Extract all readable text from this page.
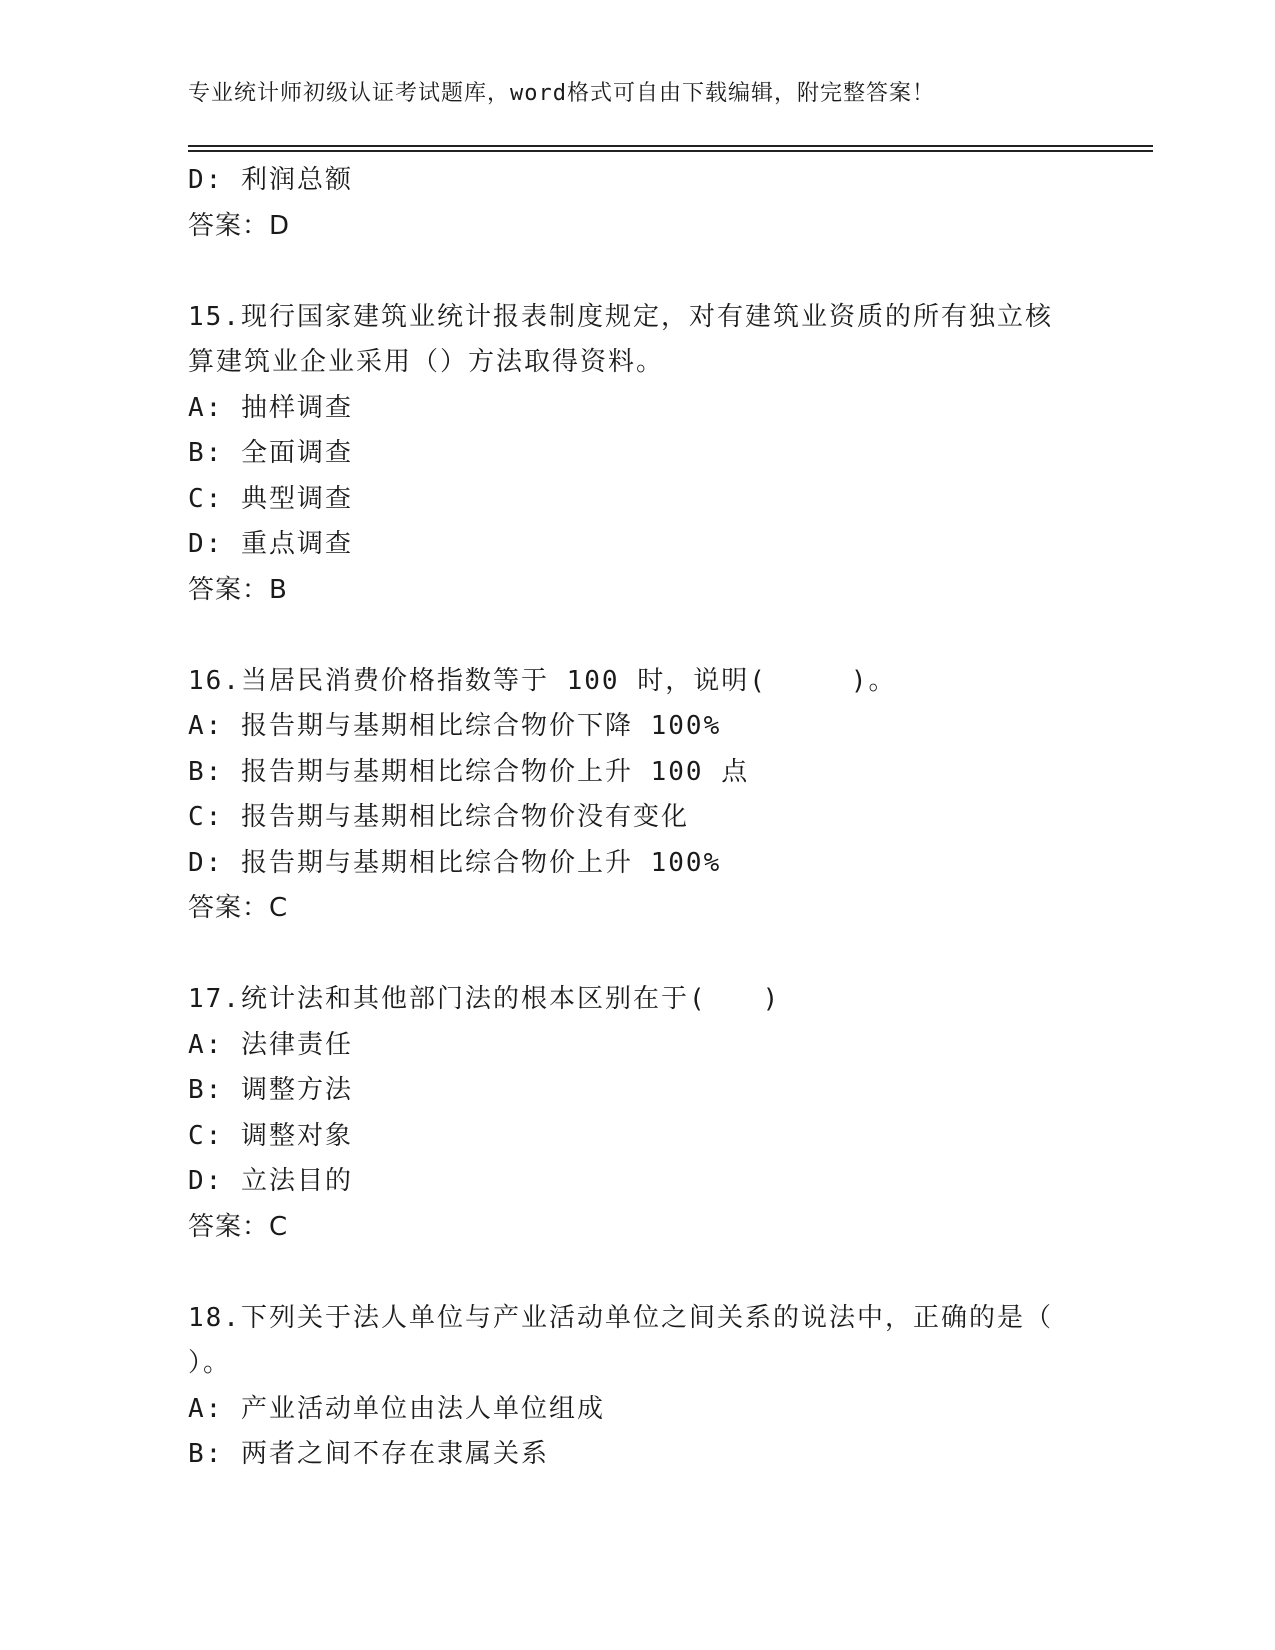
专业统计师初级认证考试题库，word格式可自由下载编辑，附完整答案！
D: 利润总额
答案：D
15.现行国家建筑业统计报表制度规定，对有建筑业资质的所有独立核
算建筑业企业采用（）方法取得资料。
A: 抽样调查
B: 全面调查
C: 典型调查
D: 重点调查
答案：B
16.当居民消费价格指数等于 100 时，说明(　　　)。
A: 报告期与基期相比综合物价下降 100%
B: 报告期与基期相比综合物价上升 100 点
C: 报告期与基期相比综合物价没有变化
D: 报告期与基期相比综合物价上升 100%
答案：C
17.统计法和其他部门法的根本区别在于(　　)
A: 法律责任
B: 调整方法
C: 调整对象
D: 立法目的
答案：C
18.下列关于法人单位与产业活动单位之间关系的说法中，正确的是（
）。
A: 产业活动单位由法人单位组成
B: 两者之间不存在隶属关系
